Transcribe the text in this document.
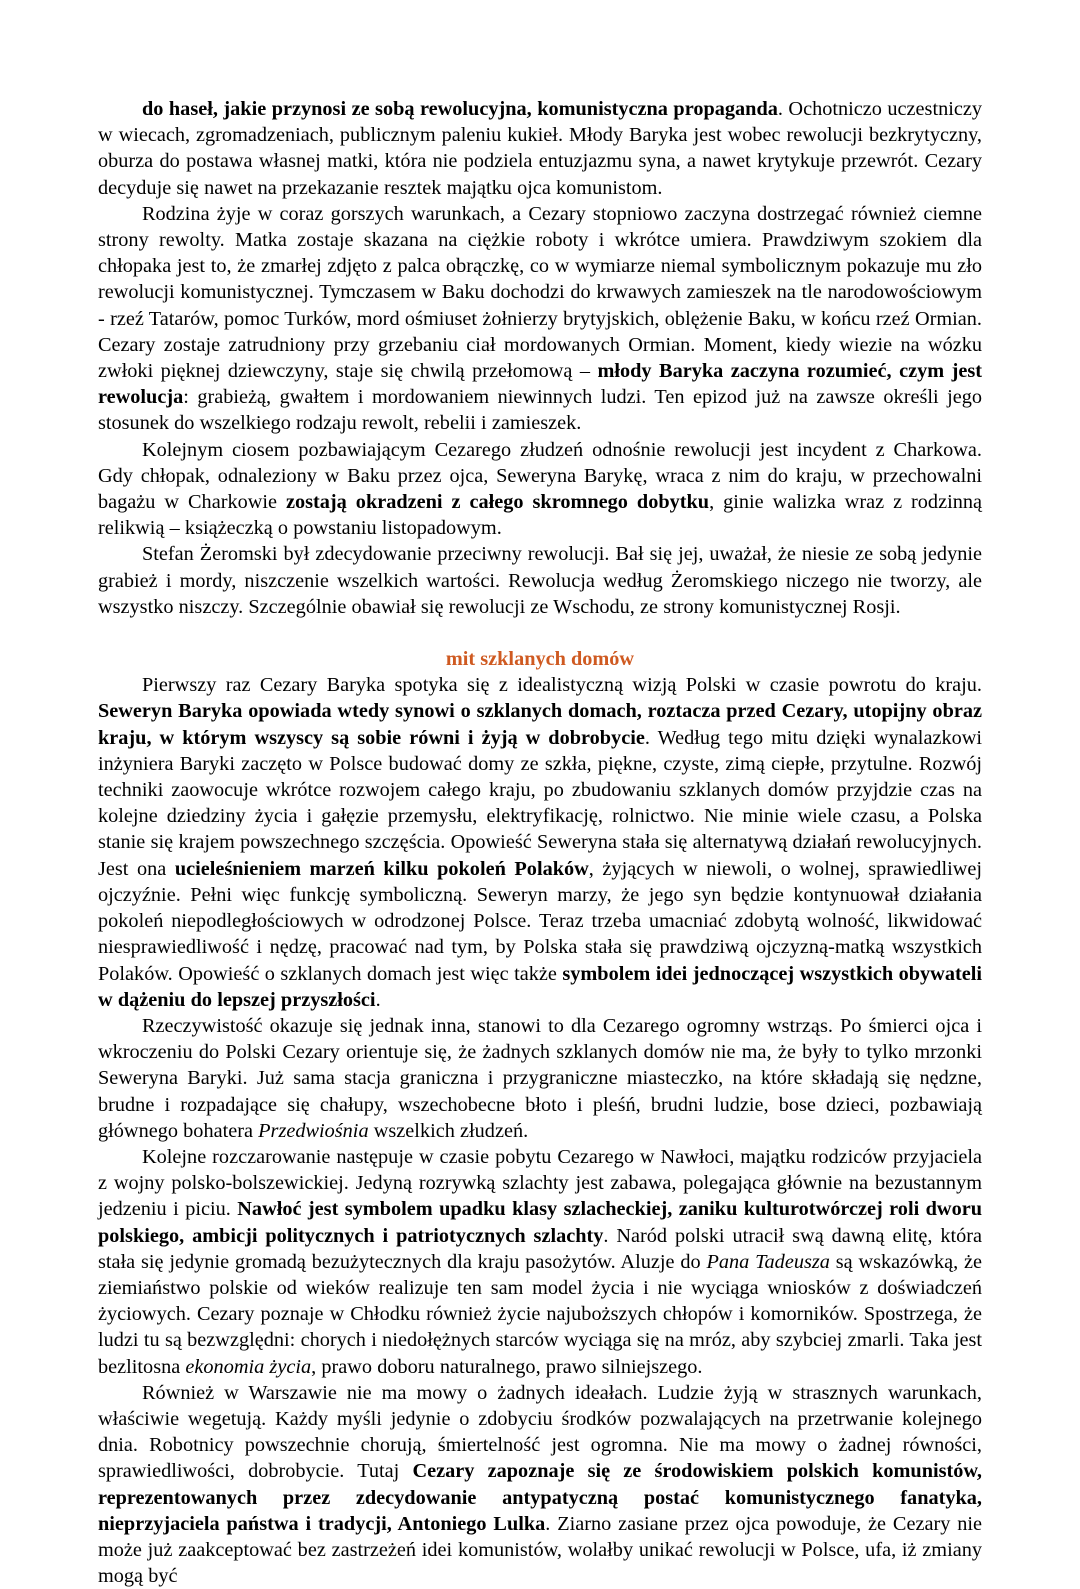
do haseł, jakie przynosi ze sobą rewolucyjna, komunistyczna propaganda. Ochotniczo uczestniczy w wiecach, zgromadzeniach, publicznym paleniu kukieł. Młody Baryka jest wobec rewolucji bezkrytyczny, oburza do postawa własnej matki, która nie podziela entuzjazmu syna, a nawet krytykuje przewrót. Cezary decyduje się nawet na przekazanie resztek majątku ojca komunistom.

Rodzina żyje w coraz gorszych warunkach, a Cezary stopniowo zaczyna dostrzegać również ciemne strony rewolty. Matka zostaje skazana na ciężkie roboty i wkrótce umiera. Prawdziwym szokiem dla chłopaka jest to, że zmarłej zdjęto z palca obrączkę, co w wymiarze niemal symbolicznym pokazuje mu zło rewolucji komunistycznej. Tymczasem w Baku dochodzi do krwawych zamieszek na tle narodowościowym - rzeź Tatarów, pomoc Turków, mord ośmiuset żołnierzy brytyjskich, oblężenie Baku, w końcu rzeź Ormian. Cezary zostaje zatrudniony przy grzebaniu ciał mordowanych Ormian. Moment, kiedy wiezie na wózku zwłoki pięknej dziewczyny, staje się chwilą przełomową – młody Baryka zaczyna rozumieć, czym jest rewolucja: grabieżą, gwałtem i mordowaniem niewinnych ludzi. Ten epizod już na zawsze określi jego stosunek do wszelkiego rodzaju rewolt, rebelii i zamieszek.

Kolejnym ciosem pozbawiającym Cezarego złudzeń odnośnie rewolucji jest incydent z Charkowa. Gdy chłopak, odnaleziony w Baku przez ojca, Seweryna Barykę, wraca z nim do kraju, w przechowalni bagażu w Charkowie zostają okradzeni z całego skromnego dobytku, ginie walizka wraz z rodzinną relikwią – książeczką o powstaniu listopadowym.

Stefan Żeromski był zdecydowanie przeciwny rewolucji. Bał się jej, uważał, że niesie ze sobą jedynie grabież i mordy, niszczenie wszelkich wartości. Rewolucja według Żeromskiego niczego nie tworzy, ale wszystko niszczy. Szczególnie obawiał się rewolucji ze Wschodu, ze strony komunistycznej Rosji.

mit szklanych domów

Pierwszy raz Cezary Baryka spotyka się z idealistyczną wizją Polski w czasie powrotu do kraju. Seweryn Baryka opowiada wtedy synowi o szklanych domach, roztacza przed Cezary, utopijny obraz kraju, w którym wszyscy są sobie równi i żyją w dobrobycie. Według tego mitu dzięki wynalazkowi inżyniera Baryki zaczęto w Polsce budować domy ze szkła, piękne, czyste, zimą ciepłe, przytulne. Rozwój techniki zaowocuje wkrótce rozwojem całego kraju, po zbudowaniu szklanych domów przyjdzie czas na kolejne dziedziny życia i gałęzie przemysłu, elektryfikację, rolnictwo. Nie minie wiele czasu, a Polska stanie się krajem powszechnego szczęścia. Opowieść Seweryna stała się alternatywą działań rewolucyjnych. Jest ona ucieleśnieniem marzeń kilku pokoleń Polaków, żyjących w niewoli, o wolnej, sprawiedliwej ojczyźnie. Pełni więc funkcję symboliczną. Seweryn marzy, że jego syn będzie kontynuował działania pokoleń niepodległościowych w odrodzonej Polsce. Teraz trzeba umacniać zdobytą wolność, likwidować niesprawiedliwość i nędzę, pracować nad tym, by Polska stała się prawdziwą ojczyzną-matką wszystkich Polaków. Opowieść o szklanych domach jest więc także symbolem idei jednoczącej wszystkich obywateli w dążeniu do lepszej przyszłości.

Rzeczywistość okazuje się jednak inna, stanowi to dla Cezarego ogromny wstrząs. Po śmierci ojca i wkroczeniu do Polski Cezary orientuje się, że żadnych szklanych domów nie ma, że były to tylko mrzonki Seweryna Baryki. Już sama stacja graniczna i przygraniczne miasteczko, na które składają się nędzne, brudne i rozpadające się chałupy, wszechobecne błoto i pleśń, brudni ludzie, bose dzieci, pozbawiają głównego bohatera Przedwiośnia wszelkich złudzeń.

Kolejne rozczarowanie następuje w czasie pobytu Cezarego w Nawłoci, majątku rodziców przyjaciela z wojny polsko-bolszewickiej. Jedyną rozrywką szlachty jest zabawa, polegająca głównie na bezustannym jedzeniu i piciu. Nawłoć jest symbolem upadku klasy szlacheckiej, zaniku kulturotwórczej roli dworu polskiego, ambicji politycznych i patriotycznych szlachty. Naród polski utracił swą dawną elitę, która stała się jedynie gromadą bezużytecznych dla kraju pasożytów. Aluzje do Pana Tadeusza są wskazówką, że ziemiaństwo polskie od wieków realizuje ten sam model życia i nie wyciąga wniosków z doświadczeń życiowych. Cezary poznaje w Chłodku również życie najuboższych chłopów i komorników. Spostrzega, że ludzi tu są bezwzględni: chorych i niedołężnych starców wyciąga się na mróz, aby szybciej zmarli. Taka jest bezlitosna ekonomia życia, prawo doboru naturalnego, prawo silniejszego.

Również w Warszawie nie ma mowy o żadnych ideałach. Ludzie żyją w strasznych warunkach, właściwie wegetują. Każdy myśli jedynie o zdobyciu środków pozwalających na przetrwanie kolejnego dnia. Robotnicy powszechnie chorują, śmiertelność jest ogromna. Nie ma mowy o żadnej równości, sprawiedliwości, dobrobycie. Tutaj Cezary zapoznaje się ze środowiskiem polskich komunistów, reprezentowanych przez zdecydowanie antypatyczną postać komunistycznego fanatyka, nieprzyjaciela państwa i tradycji, Antoniego Lulka. Ziarno zasiane przez ojca powoduje, że Cezary nie może już zaakceptować bez zastrzeżeń idei komunistów, wolałby unikać rewolucji w Polsce, ufa, iż zmiany mogą być
